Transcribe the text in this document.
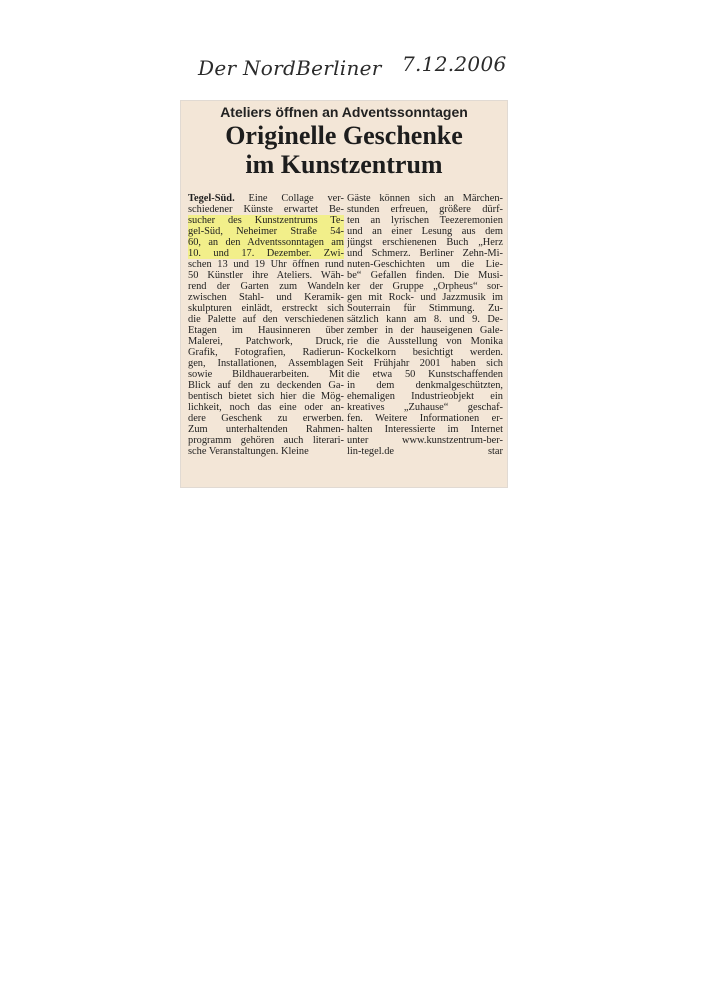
Der NordBerliner 7.12.2006
Ateliers öffnen an Adventssonntagen
Originelle Geschenke
im Kunstzentrum
Tegel-Süd. Eine Collage ver-
schiedener Künste erwartet Be-
sucher des Kunstzentrums Te-
gel-Süd, Neheimer Straße 54-
60, an den Adventssonntagen am
10. und 17. Dezember. Zwi-
schen 13 und 19 Uhr öffnen rund
50 Künstler ihre Ateliers. Wäh-
rend der Garten zum Wandeln
zwischen Stahl- und Keramik-
skulpturen einlädt, erstreckt sich
die Palette auf den verschiedenen
Etagen im Hausinneren über
Malerei, Patchwork, Druck,
Grafik, Fotografien, Radierun-
gen, Installationen, Assemblagen
sowie Bildhauerarbeiten. Mit
Blick auf den zu deckenden Ga-
bentisch bietet sich hier die Mög-
lichkeit, noch das eine oder an-
dere Geschenk zu erwerben.
Zum unterhaltenden Rahmen-
programm gehören auch literari-
sche Veranstaltungen. Kleine
Gäste können sich an Märchen-
stunden erfreuen, größere dürf-
ten an lyrischen Teezeremonien
und an einer Lesung aus dem
jüngst erschienenen Buch „Herz
und Schmerz. Berliner Zehn-Mi-
nuten-Geschichten um die Lie-
be“ Gefallen finden. Die Musi-
ker der Gruppe „Orpheus“ sor-
gen mit Rock- und Jazzmusik im
Souterrain für Stimmung. Zu-
sätzlich kann am 8. und 9. De-
zember in der hauseigenen Gale-
rie die Ausstellung von Monika
Kockelkorn besichtigt werden.
Seit Frühjahr 2001 haben sich
die etwa 50 Kunstschaffenden
in dem denkmalgeschützten,
ehemaligen Industrieobjekt ein
kreatives „Zuhause“ geschaf-
fen. Weitere Informationen er-
halten Interessierte im Internet
unter www.kunstzentrum-ber-
lin-tegel.de	star
